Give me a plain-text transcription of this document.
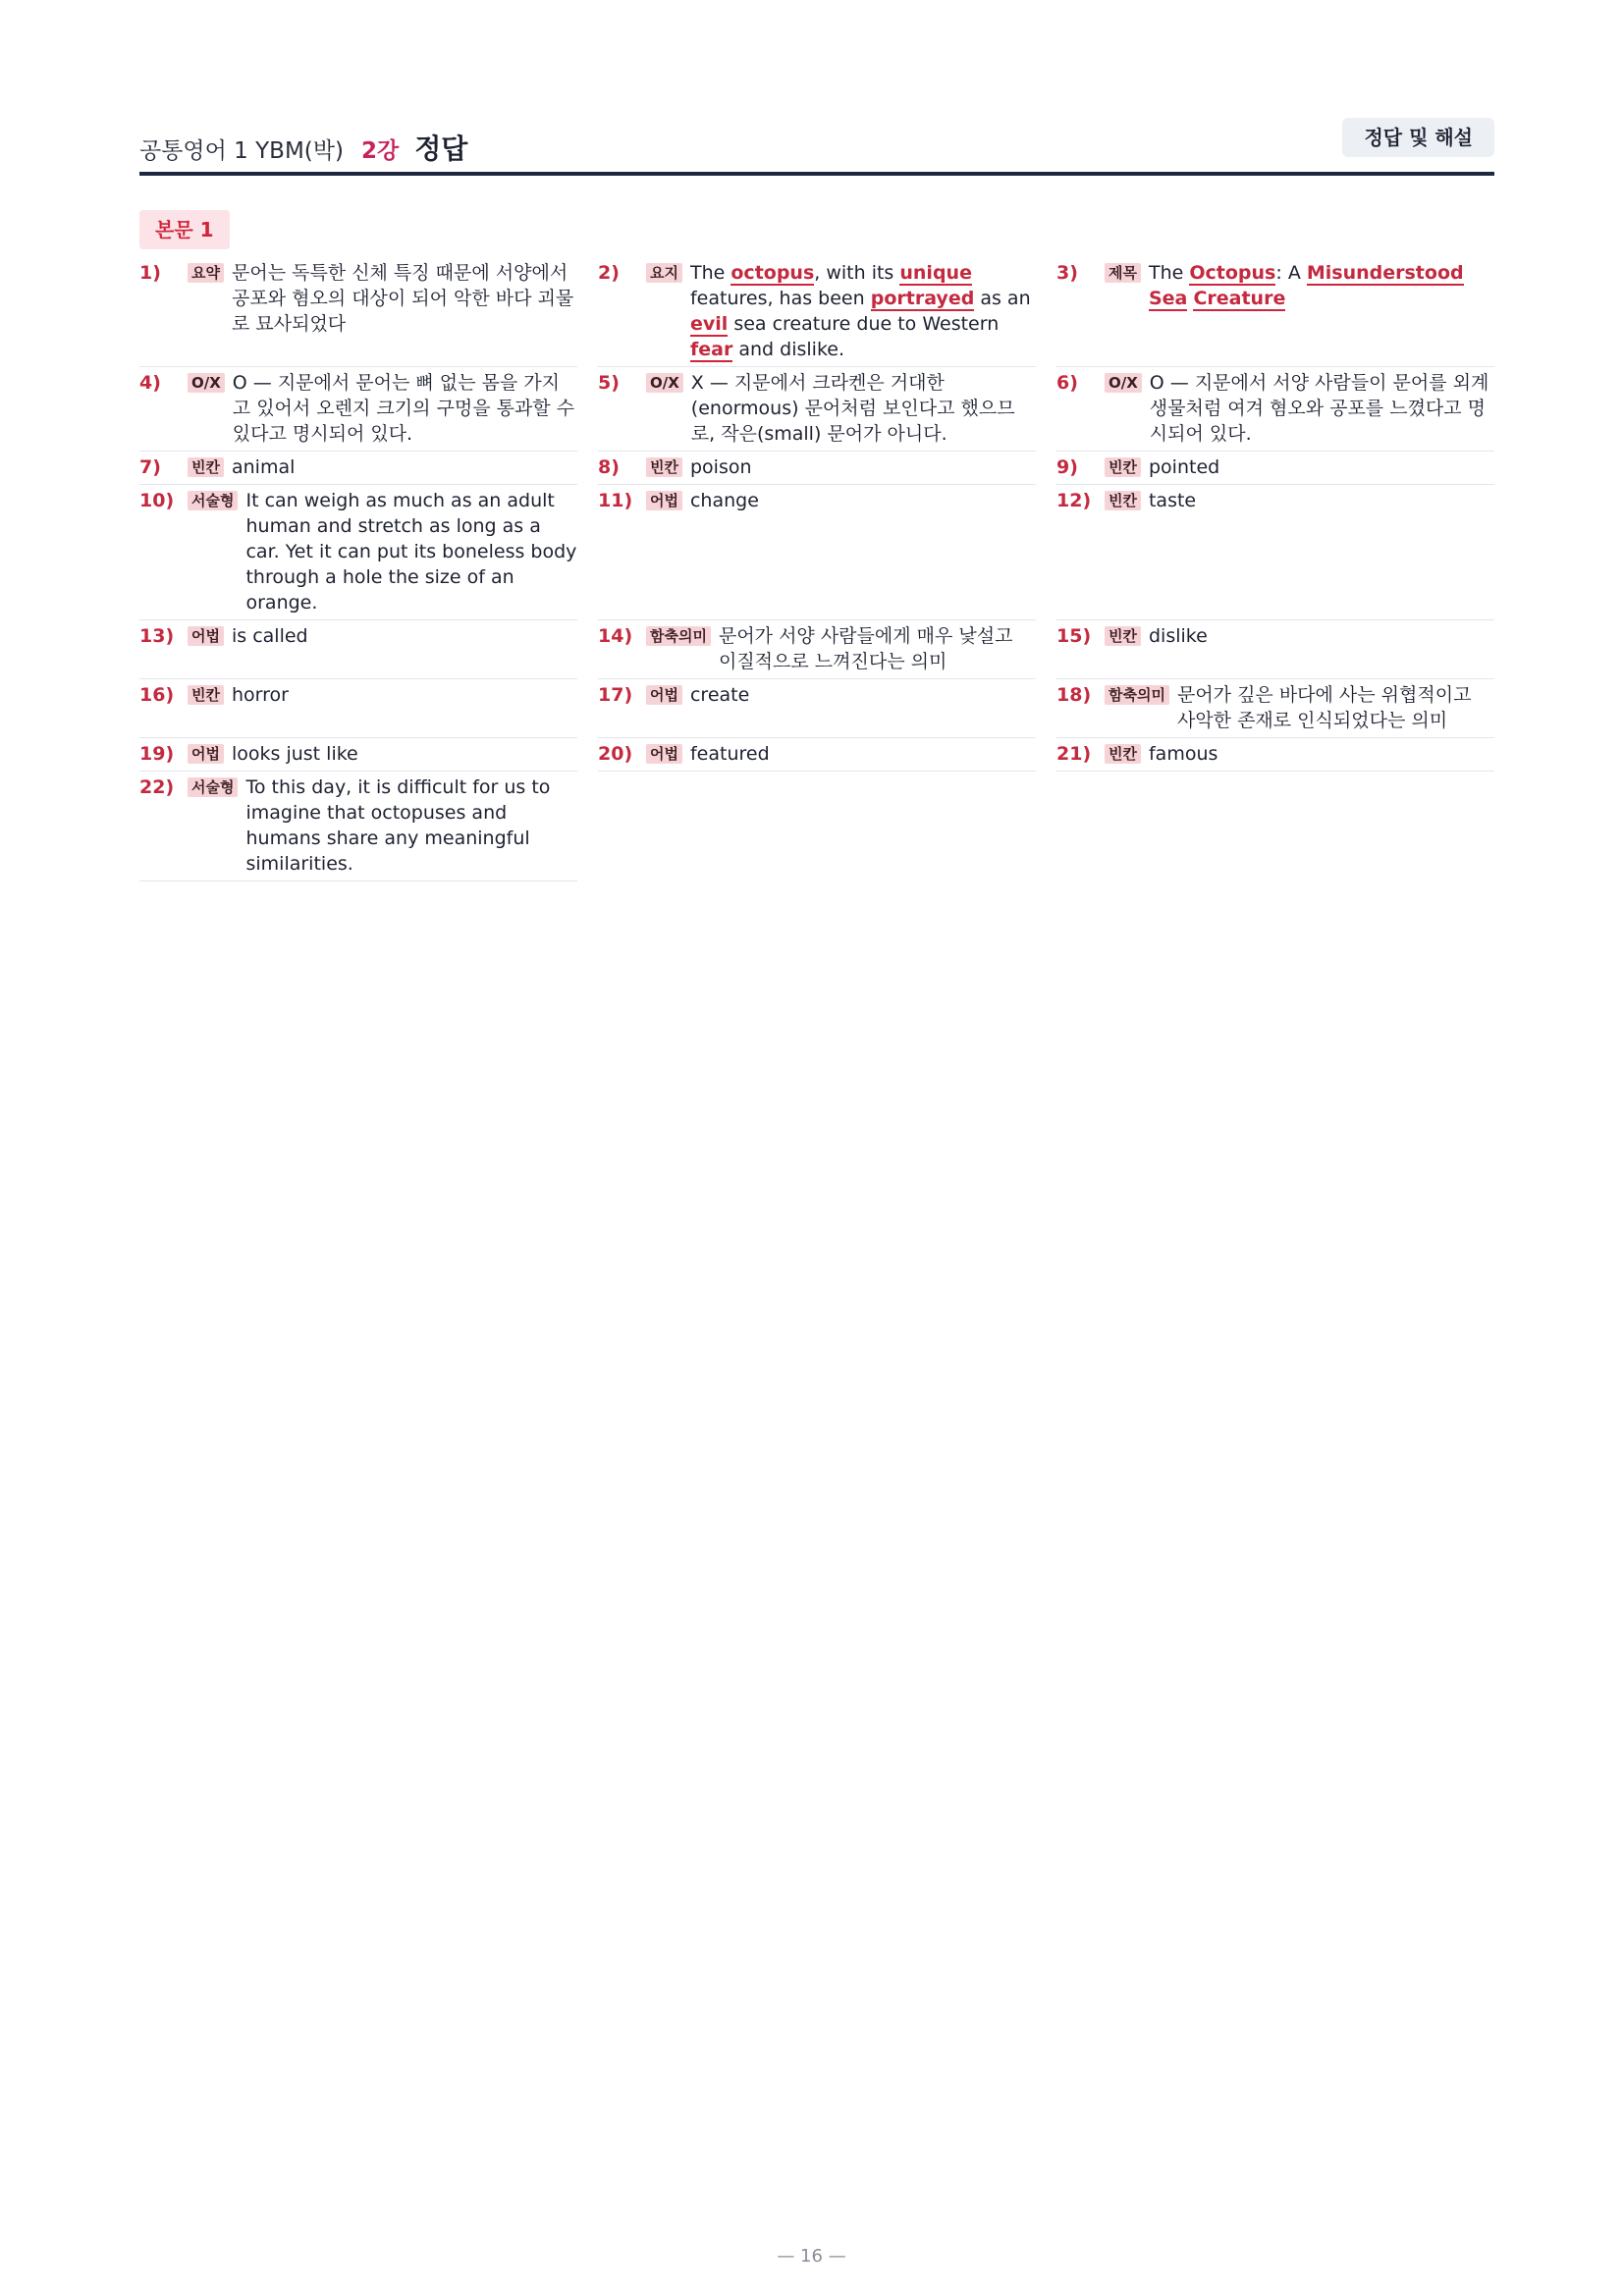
공통영어 1 YBM(박) 2강 정답	정답 및 해설
본문 1
1)	요약 문어는 독특한 신체 특징 때문에 서양에서 공포와 혐오의 대상이 되어 악한 바다 괴물로 묘사되었다
2)	요지 The octopus, with its unique features, has been portrayed as an evil sea creature due to Western fear and dislike.
3)	제목 The Octopus: A Misunderstood Sea Creature
4)	O/X O — 지문에서 문어는 뼈 없는 몸을 가지고 있어서 오렌지 크기의 구멍을 통과할 수 있다고 명시되어 있다.
5)	O/X X — 지문에서 크라켄은 거대한(enormous) 문어처럼 보인다고 했으므로, 작은(small) 문어가 아니다.
6)	O/X O — 지문에서 서양 사람들이 문어를 외계 생물처럼 여겨 혐오와 공포를 느꼈다고 명시되어 있다.
7)	빈칸 animal	8)	빈칸 poison	9)	빈칸 pointed
10)	서술형 It can weigh as much as an adult human and stretch as long as a car. Yet it can put its boneless body through a hole the size of an orange.
11)	어법 change	12)	빈칸 taste
13)	어법 is called	14)	함축의미 문어가 서양 사람들에게 매우 낯설고 이질적으로 느껴진다는 의미
15)	빈칸 dislike
16)	빈칸 horror	17)	어법 create	18)	함축의미 문어가 깊은 바다에 사는 위협적이고 사악한 존재로 인식되었다는 의미
19)	어법 looks just like	20)	어법 featured	21)	빈칸 famous
22)	서술형 To this day, it is difficult for us to imagine that octopuses and humans share any meaningful similarities.
— 16 —
